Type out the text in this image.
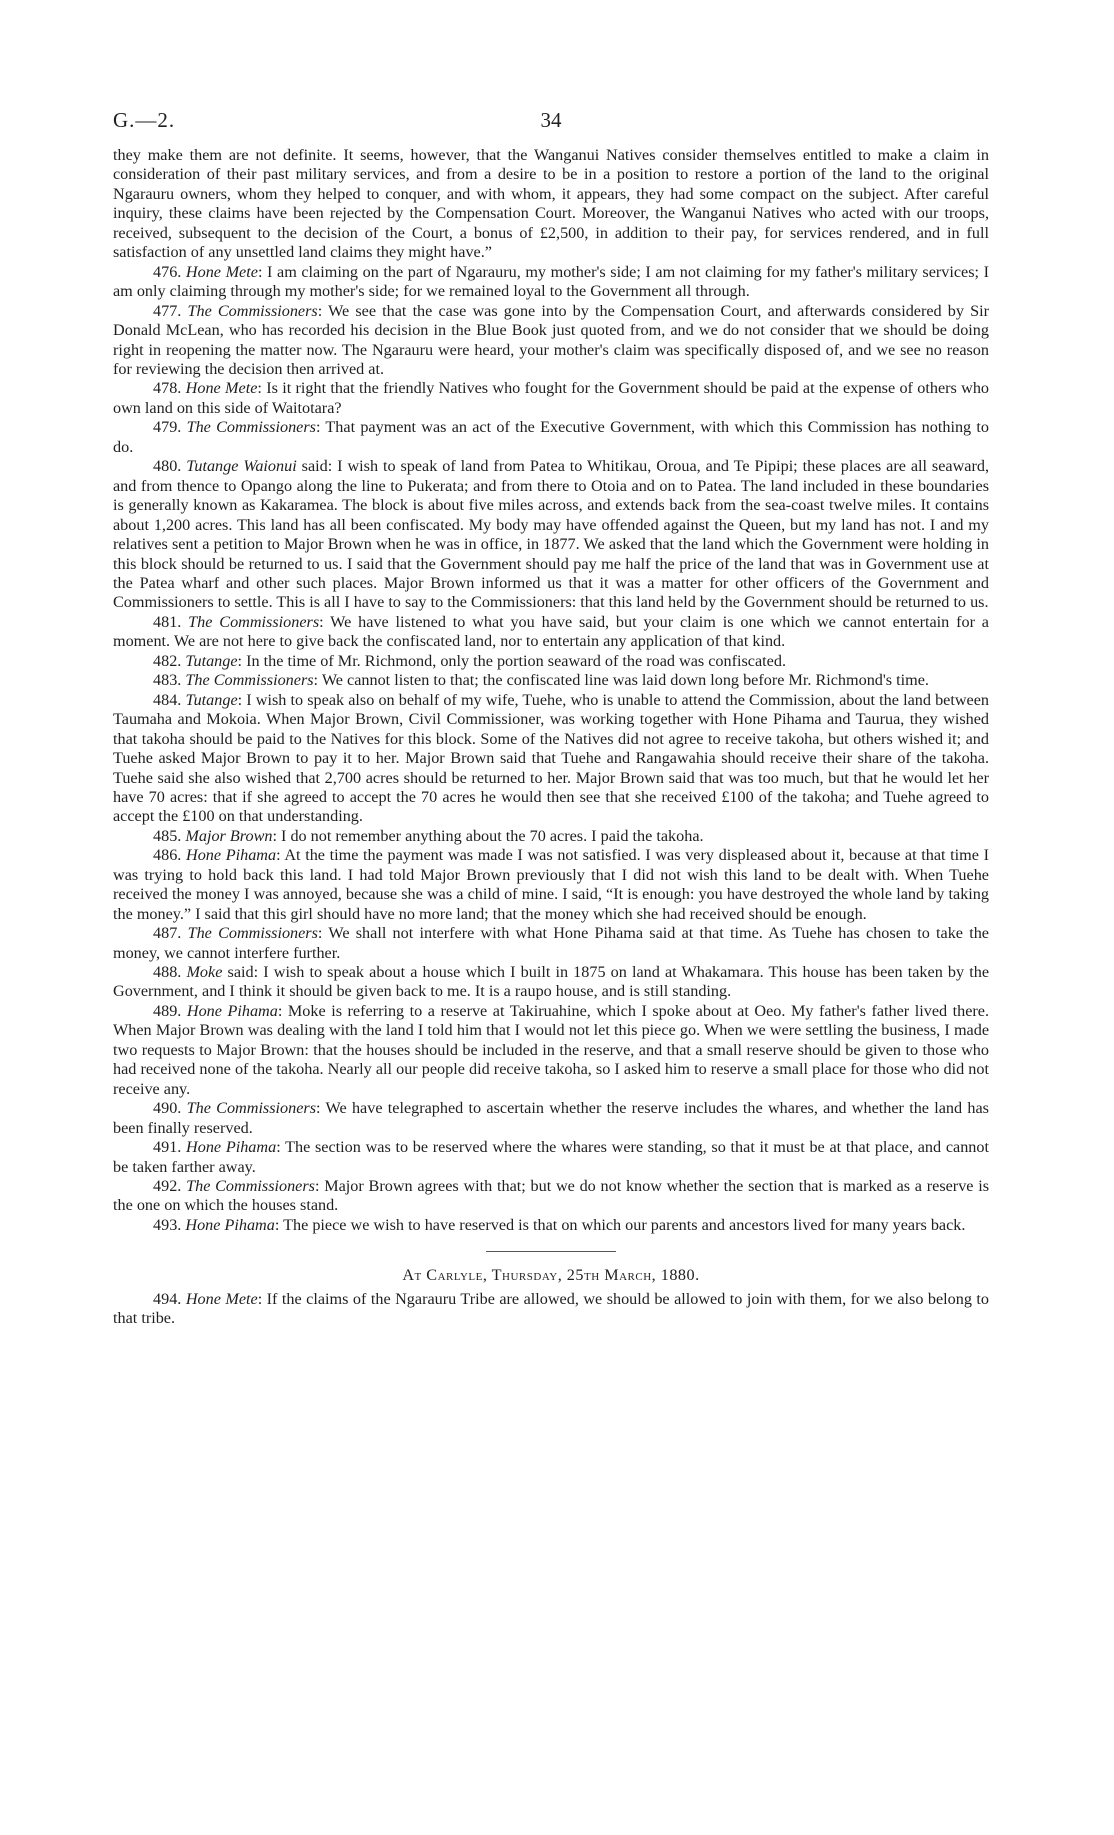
G.—2.	34

they make them are not definite. It seems, however, that the Wanganui Natives consider themselves entitled to make a claim in consideration of their past military services, and from a desire to be in a position to restore a portion of the land to the original Ngarauru owners, whom they helped to conquer, and with whom, it appears, they had some compact on the subject. After careful inquiry, these claims have been rejected by the Compensation Court. Moreover, the Wanganui Natives who acted with our troops, received, subsequent to the decision of the Court, a bonus of £2,500, in addition to their pay, for services rendered, and in full satisfaction of any unsettled land claims they might have.”

476. Hone Mete: I am claiming on the part of Ngarauru, my mother's side; I am not claiming for my father's military services; I am only claiming through my mother's side; for we remained loyal to the Government all through.

477. The Commissioners: We see that the case was gone into by the Compensation Court, and afterwards considered by Sir Donald McLean, who has recorded his decision in the Blue Book just quoted from, and we do not consider that we should be doing right in reopening the matter now. The Ngarauru were heard, your mother's claim was specifically disposed of, and we see no reason for reviewing the decision then arrived at.

478. Hone Mete: Is it right that the friendly Natives who fought for the Government should be paid at the expense of others who own land on this side of Waitotara?

479. The Commissioners: That payment was an act of the Executive Government, with which this Commission has nothing to do.

480. Tutange Waionui said: I wish to speak of land from Patea to Whitikau, Oroua, and Te Pipipi; these places are all seaward, and from thence to Opango along the line to Pukerata; and from there to Otoia and on to Patea. The land included in these boundaries is generally known as Kakaramea. The block is about five miles across, and extends back from the sea-coast twelve miles. It contains about 1,200 acres. This land has all been confiscated. My body may have offended against the Queen, but my land has not. I and my relatives sent a petition to Major Brown when he was in office, in 1877. We asked that the land which the Government were holding in this block should be returned to us. I said that the Government should pay me half the price of the land that was in Government use at the Patea wharf and other such places. Major Brown informed us that it was a matter for other officers of the Government and Commissioners to settle. This is all I have to say to the Commissioners: that this land held by the Government should be returned to us.

481. The Commissioners: We have listened to what you have said, but your claim is one which we cannot entertain for a moment. We are not here to give back the confiscated land, nor to entertain any application of that kind.

482. Tutange: In the time of Mr. Richmond, only the portion seaward of the road was confiscated.

483. The Commissioners: We cannot listen to that; the confiscated line was laid down long before Mr. Richmond's time.

484. Tutange: I wish to speak also on behalf of my wife, Tuehe, who is unable to attend the Commission, about the land between Taumaha and Mokoia. When Major Brown, Civil Commissioner, was working together with Hone Pihama and Taurua, they wished that takoha should be paid to the Natives for this block. Some of the Natives did not agree to receive takoha, but others wished it; and Tuehe asked Major Brown to pay it to her. Major Brown said that Tuehe and Rangawahia should receive their share of the takoha. Tuehe said she also wished that 2,700 acres should be returned to her. Major Brown said that was too much, but that he would let her have 70 acres: that if she agreed to accept the 70 acres he would then see that she received £100 of the takoha; and Tuehe agreed to accept the £100 on that understanding.

485. Major Brown: I do not remember anything about the 70 acres. I paid the takoha.

486. Hone Pihama: At the time the payment was made I was not satisfied. I was very displeased about it, because at that time I was trying to hold back this land. I had told Major Brown previously that I did not wish this land to be dealt with. When Tuehe received the money I was annoyed, because she was a child of mine. I said, “It is enough: you have destroyed the whole land by taking the money.” I said that this girl should have no more land; that the money which she had received should be enough.

487. The Commissioners: We shall not interfere with what Hone Pihama said at that time. As Tuehe has chosen to take the money, we cannot interfere further.

488. Moke said: I wish to speak about a house which I built in 1875 on land at Whakamara. This house has been taken by the Government, and I think it should be given back to me. It is a raupo house, and is still standing.

489. Hone Pihama: Moke is referring to a reserve at Takiruahine, which I spoke about at Oeo. My father's father lived there. When Major Brown was dealing with the land I told him that I would not let this piece go. When we were settling the business, I made two requests to Major Brown: that the houses should be included in the reserve, and that a small reserve should be given to those who had received none of the takoha. Nearly all our people did receive takoha, so I asked him to reserve a small place for those who did not receive any.

490. The Commissioners: We have telegraphed to ascertain whether the reserve includes the whares, and whether the land has been finally reserved.

491. Hone Pihama: The section was to be reserved where the whares were standing, so that it must be at that place, and cannot be taken farther away.

492. The Commissioners: Major Brown agrees with that; but we do not know whether the section that is marked as a reserve is the one on which the houses stand.

493. Hone Pihama: The piece we wish to have reserved is that on which our parents and ancestors lived for many years back.

At Carlyle, Thursday, 25th March, 1880.

494. Hone Mete: If the claims of the Ngarauru Tribe are allowed, we should be allowed to join with them, for we also belong to that tribe.
